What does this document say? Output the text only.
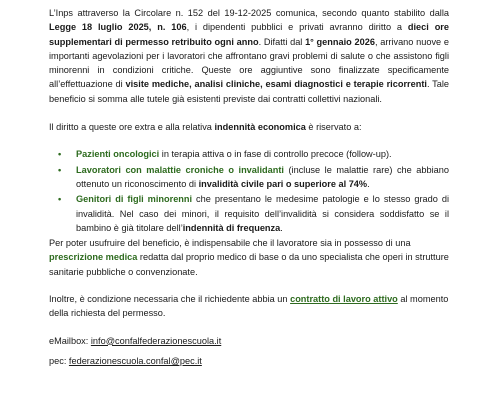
L’Inps attraverso la Circolare n. 152 del 19-12-2025 comunica, secondo quanto stabilito dalla Legge 18 luglio 2025, n. 106, i dipendenti pubblici e privati avranno diritto a dieci ore supplementari di permesso retribuito ogni anno. Difatti dal 1° gennaio 2026, arrivano nuove e importanti agevolazioni per i lavoratori che affrontano gravi problemi di salute o che assistono figli minorenni in condizioni critiche. Queste ore aggiuntive sono finalizzate specificamente all’effettuazione di visite mediche, analisi cliniche, esami diagnostici e terapie ricorrenti. Tale beneficio si somma alle tutele già esistenti previste dai contratti collettivi nazionali.

Il diritto a queste ore extra e alla relativa indennità economica è riservato a:

• Pazienti oncologici in terapia attiva o in fase di controllo precoce (follow-up).
• Lavoratori con malattie croniche o invalidanti (incluse le malattie rare) che abbiano ottenuto un riconoscimento di invalidità civile pari o superiore al 74%.
• Genitori di figli minorenni che presentano le medesime patologie e lo stesso grado di invalidità. Nel caso dei minori, il requisito dell’invalidità si considera soddisfatto se il bambino è già titolare dell’indennità di frequenza.

Per poter usufruire del beneficio, è indispensabile che il lavoratore sia in possesso di una prescrizione medica redatta dal proprio medico di base o da uno specialista che operi in strutture sanitarie pubbliche o convenzionate.

Inoltre, è condizione necessaria che il richiedente abbia un contratto di lavoro attivo al momento della richiesta del permesso.

eMailbox: info@confalfederazionescuola.it

pec: federazionescuola.confal@pec.it
